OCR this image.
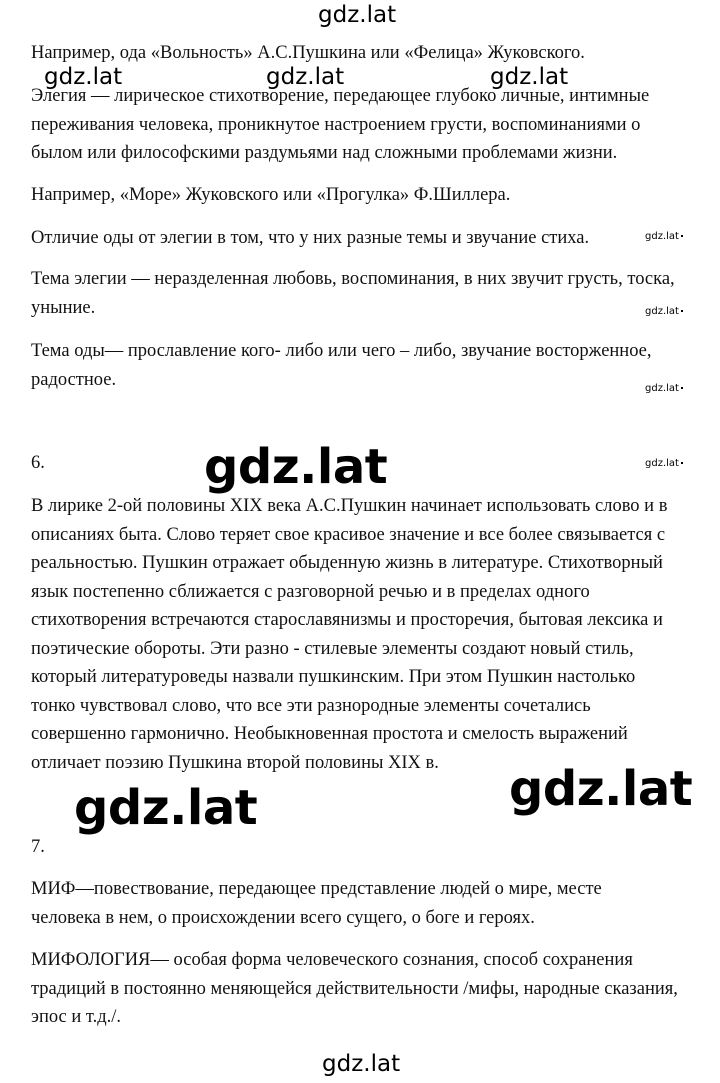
Например, ода «Вольность» А.С.Пушкина или «Фелица» Жуковского.
Элегия — лирическое стихотворение, передающее глубоко личные, интимные
переживания человека, проникнутое настроением грусти, воспоминаниями о
былом или философскими раздумьями над сложными проблемами жизни.
Например, «Море» Жуковского или «Прогулка» Ф.Шиллера.
Отличие оды от элегии в том, что у них разные темы и звучание стиха.
Тема элегии — неразделенная любовь, воспоминания, в них звучит грусть, тоска,
уныние.
Тема оды— прославление кого- либо или чего – либо, звучание восторженное,
радостное.
6.
В лирике 2-ой половины XIX века А.С.Пушкин начинает использовать слово и в
описаниях быта. Слово теряет свое красивое значение и все более связывается с
реальностью. Пушкин отражает обыденную жизнь в литературе. Стихотворный
язык постепенно сближается с разговорной речью и в пределах одного
стихотворения встречаются старославянизмы и просторечия, бытовая лексика и
поэтические обороты. Эти разно - стилевые элементы создают новый стиль,
который литературоведы назвали пушкинским. При этом Пушкин настолько
тонко чувствовал слово, что все эти разнородные элементы сочетались
совершенно гармонично. Необыкновенная простота и смелость выражений
отличает поэзию Пушкина второй половины XIX в.
7.
МИФ—повествование, передающее представление людей о мире, месте
человека в нем, о происхождении всего сущего, о боге и героях.
МИФОЛОГИЯ— особая форма человеческого сознания, способ сохранения
традиций в постоянно меняющейся действительности /мифы, народные сказания,
эпос и т.д./.
gdz.lat
gdz.lat	gdz.lat	gdz.lat
gdz.lat
gdz.lat
gdz.lat
gdz.lat
gdz.lat
gdz.lat	gdz.lat
gdz.lat
